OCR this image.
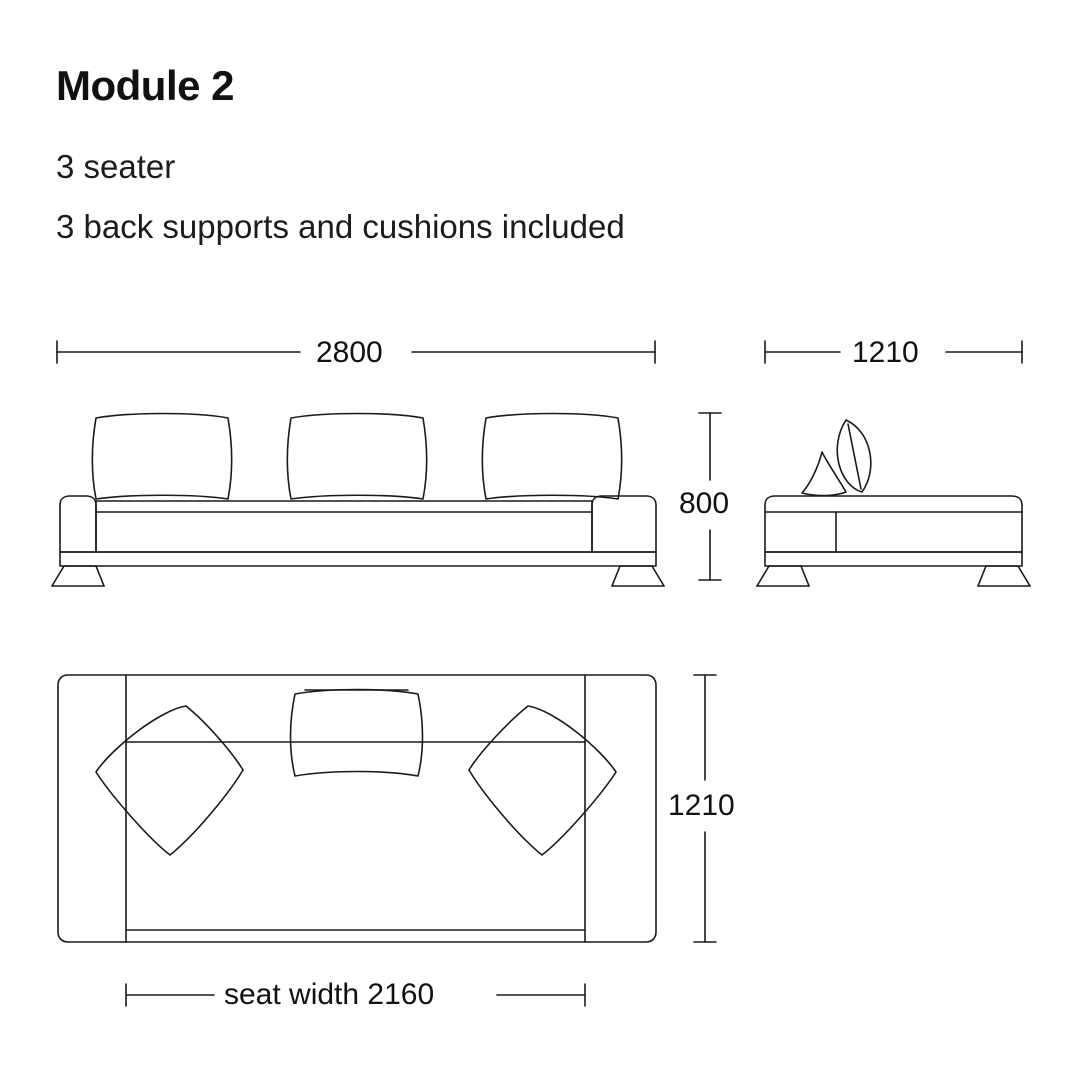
Module 2
3 seater
3 back supports and cushions included
2800	1210
800
1210
seat width 2160
